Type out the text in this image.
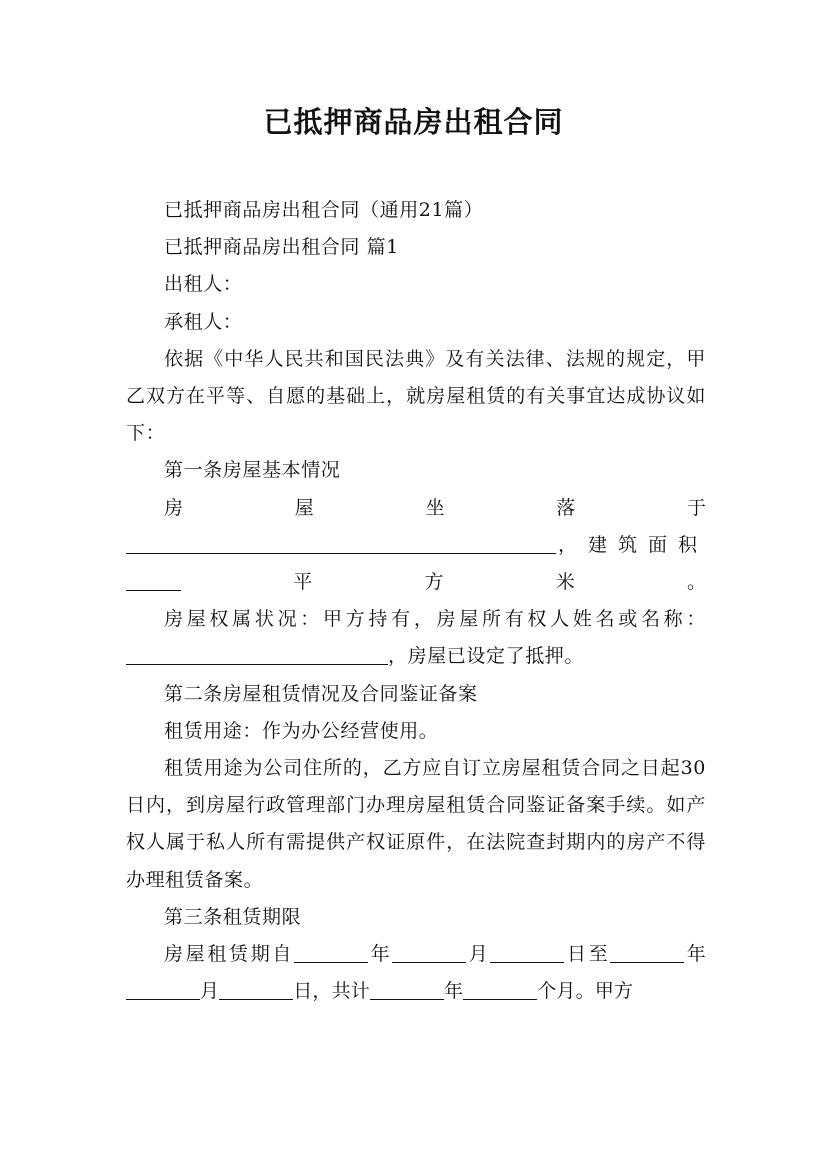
已抵押商品房出租合同

已抵押商品房出租合同（通用21篇）

已抵押商品房出租合同 篇1

出租人：

承租人：

依据《中华人民共和国民法典》及有关法律、法规的规定，甲乙双方在平等、自愿的基础上，就房屋租赁的有关事宜达成协议如下：

第一条房屋基本情况

房屋坐落于 ，建筑面积 平方米。

房屋权属状况：甲方持有，房屋所有权人姓名或名称：，房屋已设定了抵押。

第二条房屋租赁情况及合同鉴证备案

租赁用途：作为办公经营使用。

租赁用途为公司住所的，乙方应自订立房屋租赁合同之日起30日内，到房屋行政管理部门办理房屋租赁合同鉴证备案手续。如产权人属于私人所有需提供产权证原件，在法院查封期内的房产不得办理租赁备案。

第三条租赁期限

房屋租赁期自	年	月	日至	年月	日，共计	年	个月。甲方
